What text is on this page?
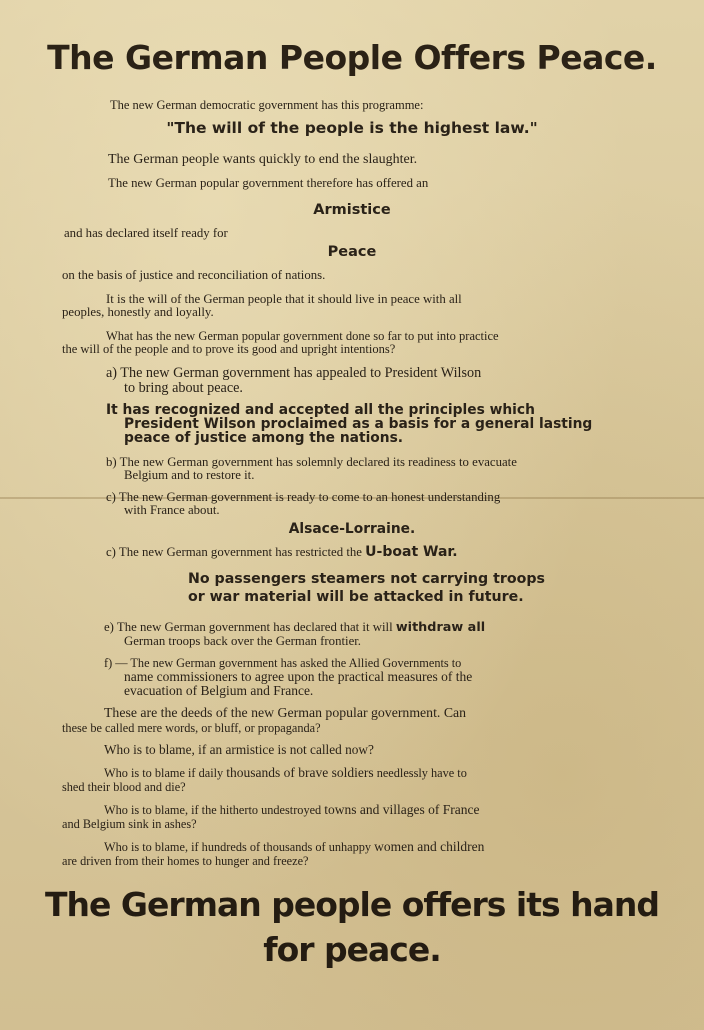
The German People Offers Peace.
The new German democratic government has this programme:
"The will of the people is the highest law."
The German people wants quickly to end the slaughter.
The new German popular government therefore has offered an
Armistice
and has declared itself ready for
Peace
on the basis of justice and reconciliation of nations.
It is the will of the German people that it should live in peace with all
peoples, honestly and loyally.
What has the new German popular government done so far to put into practice
the will of the people and to prove its good and upright intentions?
a) The new German government has appealed to President Wilson
to bring about peace.
It has recognized and accepted all the principles which
President Wilson proclaimed as a basis for a general lasting
peace of justice among the nations.
b) The new German government has solemnly declared its readiness to evacuate
Belgium and to restore it.
c) The new German government is ready to come to an honest understanding
with France about.
Alsace-Lorraine.
c) The new German government has restricted the U-boat War.
No passengers steamers not carrying troops
or war material will be attacked in future.
e) The new German government has declared that it will withdraw all
German troops back over the German frontier.
f) — The new German government has asked the Allied Governments to
name commissioners to agree upon the practical measures of the
evacuation of Belgium and France.
These are the deeds of the new German popular government. Can
these be called mere words, or bluff, or propaganda?
Who is to blame, if an armistice is not called now?
Who is to blame if daily thousands of brave soldiers needlessly have to
shed their blood and die?
Who is to blame, if the hitherto undestroyed towns and villages of France
and Belgium sink in ashes?
Who is to blame, if hundreds of thousands of unhappy women and children
are driven from their homes to hunger and freeze?
The German people offers its hand
for peace.
